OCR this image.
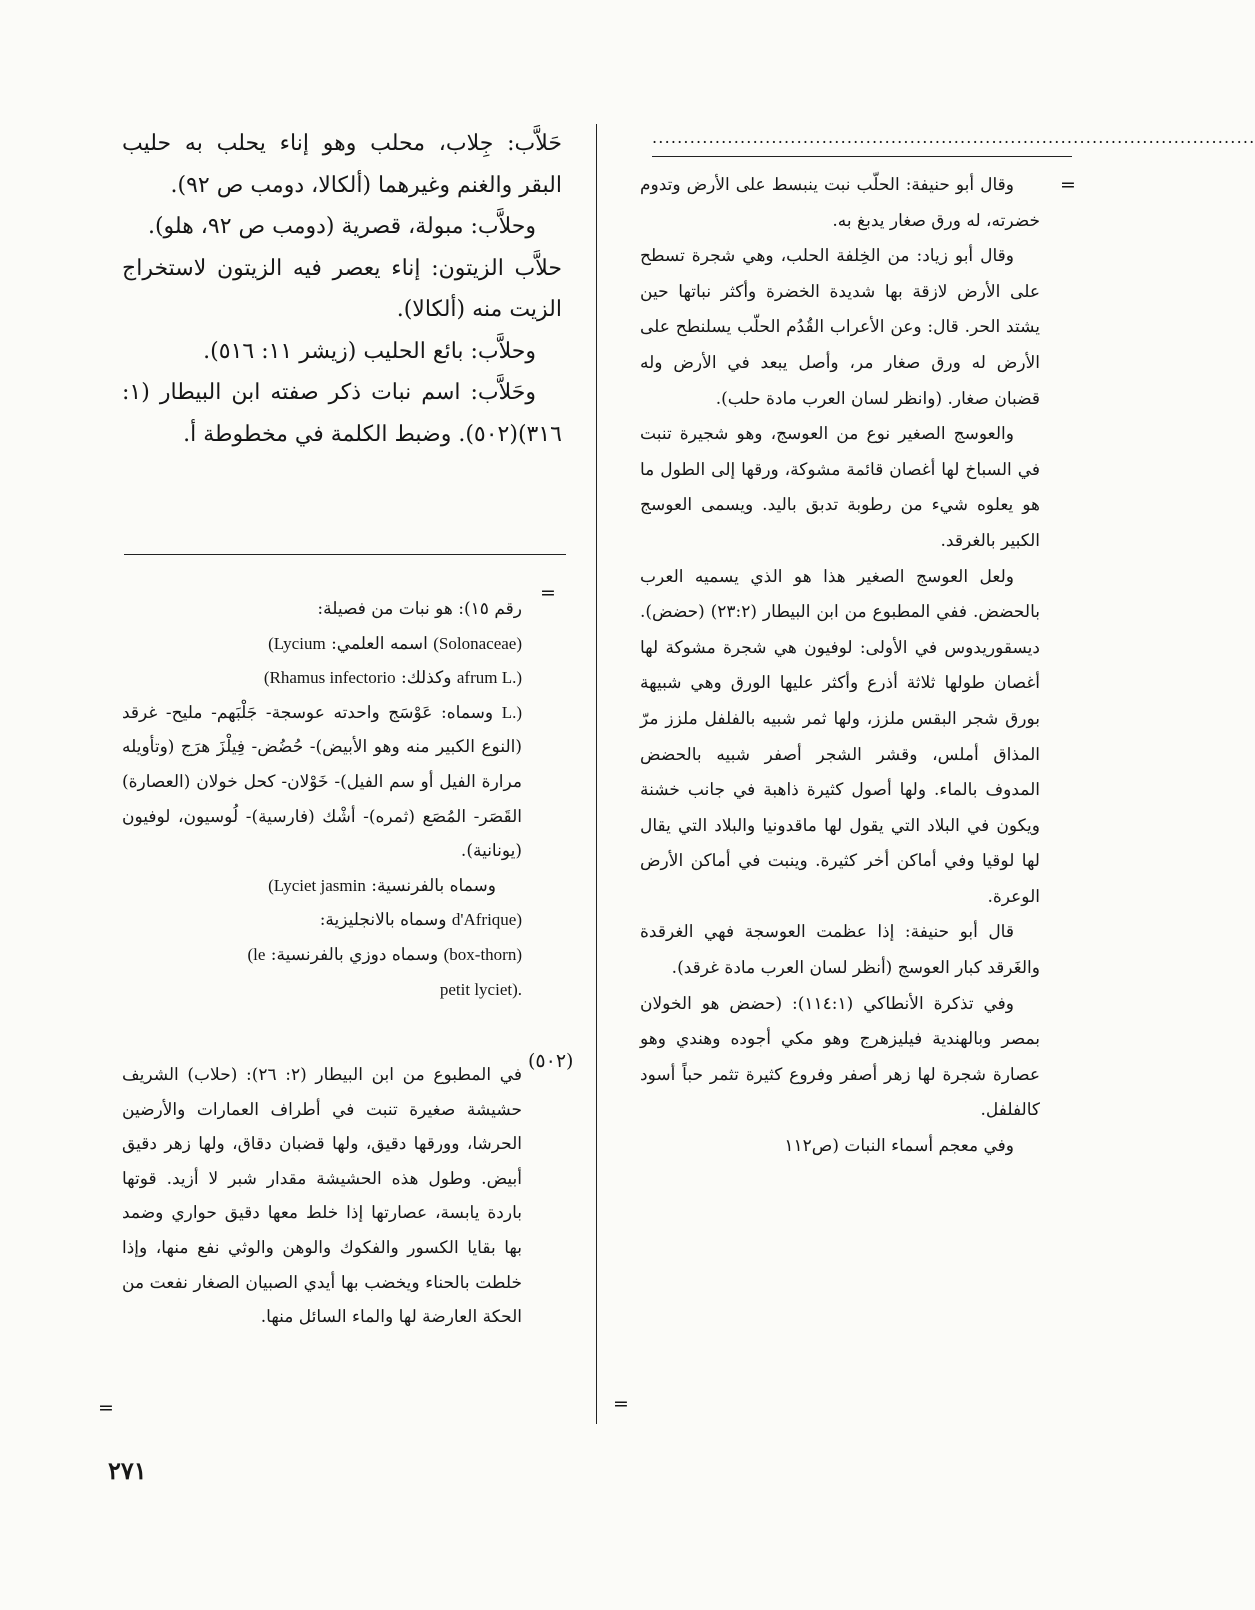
................................................................................................
=

وقال أبو حنيفة: الحلّب نبت ينبسط على الأرض وتدوم خضرته، له ورق صغار يدبغ به.

وقال أبو زياد: من الخِلفة الحلب، وهي شجرة تسطح على الأرض لازقة بها شديدة الخضرة وأكثر نباتها حين يشتد الحر. قال: وعن الأعراب القُدُم الحلّب يسلنطح على الأرض له ورق صغار مر، وأصل يبعد في الأرض وله قضبان صغار. (وانظر لسان العرب مادة حلب).

والعوسج الصغير نوع من العوسج، وهو شجيرة تنبت في السباخ لها أغصان قائمة مشوكة، ورقها إلى الطول ما هو يعلوه شيء من رطوبة تدبق باليد. ويسمى العوسج الكبير بالغرقد.

ولعل العوسج الصغير هذا هو الذي يسميه العرب بالحضض. ففي المطبوع من ابن البيطار (٢٣:٢) (حضض). ديسقوريدوس في الأولى: لوفيون هي شجرة مشوكة لها أغصان طولها ثلاثة أذرع وأكثر عليها الورق وهي شبيهة بورق شجر البقس ملزز، ولها ثمر شبيه بالفلفل ملزز مرّ المذاق أملس، وقشر الشجر أصفر شبيه بالحضض المدوف بالماء. ولها أصول كثيرة ذاهبة في جانب خشنة ويكون في البلاد التي يقول لها ماقدونيا والبلاد التي يقال لها لوقيا وفي أماكن أخر كثيرة. وينبت في أماكن الأرض الوعرة.

قال أبو حنيفة: إذا عظمت العوسجة فهي الغرقدة والغَرقد كبار العوسج (أنظر لسان العرب مادة غرقد).

وفي تذكرة الأنطاكي (١١٤:١): (حضض هو الخولان بمصر وبالهندية فيليزهرج وهو مكي أجوده وهندي وهو عصارة شجرة لها زهر أصفر وفروع كثيرة تثمر حباً أسود كالفلفل.

وفي معجم أسماء النبات (ص١١٢

=

حَلاَّب: جِلاب، محلب وهو إناء يحلب به حليب البقر والغنم وغيرهما (ألكالا، دومب ص ٩٢).

وحلاَّب: مبولة، قصرية (دومب ص ٩٢، هلو).

حلاَّب الزيتون: إناء يعصر فيه الزيتون لاستخراج الزيت منه (ألكالا).

وحلاَّب: بائع الحليب (زيشر ١١: ٥١٦).

وحَلاَّب: اسم نبات ذكر صفته ابن البيطار (١: ٣١٦)(٥٠٢). وضبط الكلمة في مخطوطة أ.

=

رقم ١٥): هو نبات من فصيلة:

(Solonaceae) اسمه العلمي: (Lycium

afrum L.) وكذلك: (Rhamus infectorio

L.) وسماه: عَوْسَج واحدته عوسجة- جَلْبَهم- مليح- غرقد (النوع الكبير منه وهو الأبيض)- حُضُض- فِيلْزَ هرَج (وتأويله مرارة الفيل أو سم الفيل)- خَوْلان- كحل خولان (العصارة) القَصَر- المُصَع (ثمره)- أشْك (فارسية)- لُوسيون، لوفيون (يونانية).

وسماه بالفرنسية: (Lyciet jasmin

d'Afrique) وسماه بالانجليزية:

(box-thorn) وسماه دوزي بالفرنسية: (le

petit lyciet).

(٥٠٢)

في المطبوع من ابن البيطار (٢: ٢٦): (حلاب) الشريف حشيشة صغيرة تنبت في أطراف العمارات والأرضين الحرشا، وورقها دقيق، ولها قضبان دقاق، ولها زهر دقيق أبيض. وطول هذه الحشيشة مقدار شبر لا أزيد. قوتها باردة يابسة، عصارتها إذا خلط معها دقيق حواري وضمد بها بقايا الكسور والفكوك والوهن والوثي نفع منها، وإذا خلطت بالحناء ويخضب بها أيدي الصبيان الصغار نفعت من الحكة العارضة لها والماء السائل منها.

=
٢٧١
